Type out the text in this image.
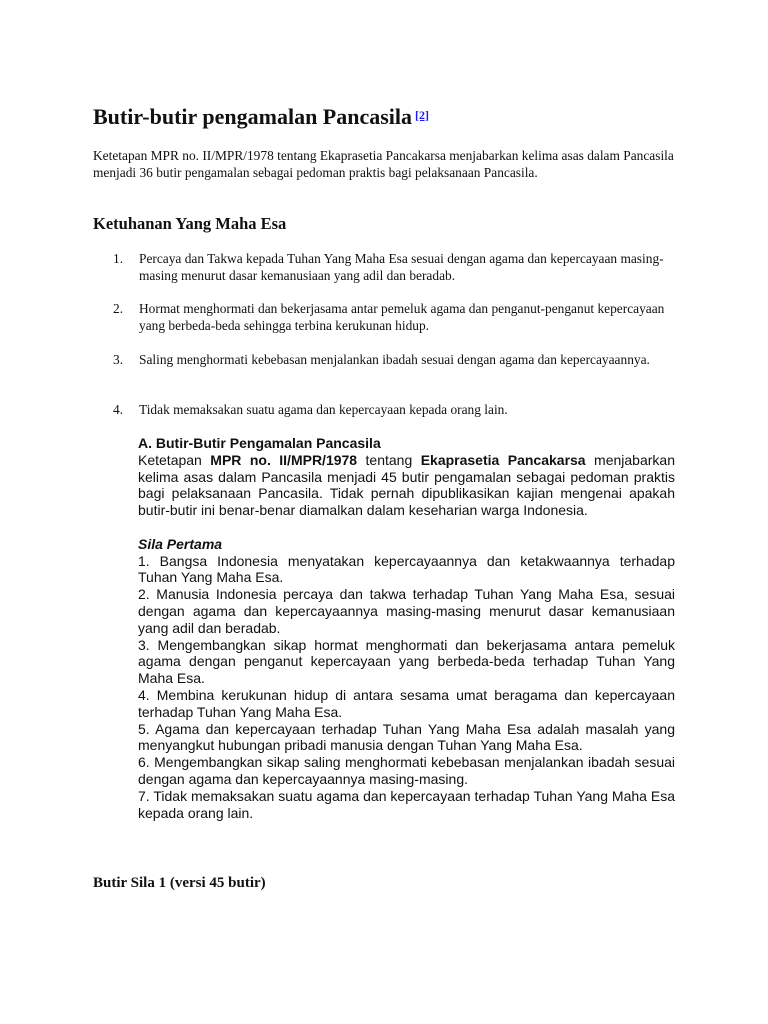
Butir-butir pengamalan Pancasila [2]

Ketetapan MPR no. II/MPR/1978 tentang Ekaprasetia Pancakarsa menjabarkan kelima asas dalam Pancasila menjadi 36 butir pengamalan sebagai pedoman praktis bagi pelaksanaan Pancasila.

Ketuhanan Yang Maha Esa
1.	Percaya dan Takwa kepada Tuhan Yang Maha Esa sesuai dengan agama dan kepercayaan masing-masing menurut dasar kemanusiaan yang adil dan beradab.
2.	Hormat menghormati dan bekerjasama antar pemeluk agama dan penganut-penganut kepercayaan yang berbeda-beda sehingga terbina kerukunan hidup.
3.	Saling menghormati kebebasan menjalankan ibadah sesuai dengan agama dan kepercayaannya.
4.	Tidak memaksakan suatu agama dan kepercayaan kepada orang lain.
A. Butir-Butir Pengamalan Pancasila
Ketetapan MPR no. II/MPR/1978 tentang Ekaprasetia Pancakarsa menjabarkan kelima asas dalam Pancasila menjadi 45 butir pengamalan sebagai pedoman praktis bagi pelaksanaan Pancasila. Tidak pernah dipublikasikan kajian mengenai apakah butir-butir ini benar-benar diamalkan dalam keseharian warga Indonesia.
Sila Pertama
1. Bangsa Indonesia menyatakan kepercayaannya dan ketakwaannya terhadap Tuhan Yang Maha Esa.
2. Manusia Indonesia percaya dan takwa terhadap Tuhan Yang Maha Esa, sesuai dengan agama dan kepercayaannya masing-masing menurut dasar kemanusiaan yang adil dan beradab.
3. Mengembangkan sikap hormat menghormati dan bekerjasama antara pemeluk agama dengan penganut kepercayaan yang berbeda-beda terhadap Tuhan Yang Maha Esa.
4. Membina kerukunan hidup di antara sesama umat beragama dan kepercayaan terhadap Tuhan Yang Maha Esa.
5. Agama dan kepercayaan terhadap Tuhan Yang Maha Esa adalah masalah yang menyangkut hubungan pribadi manusia dengan Tuhan Yang Maha Esa.
6. Mengembangkan sikap saling menghormati kebebasan menjalankan ibadah sesuai dengan agama dan kepercayaannya masing-masing.
7. Tidak memaksakan suatu agama dan kepercayaan terhadap Tuhan Yang Maha Esa kepada orang lain.
Butir Sila 1 (versi 45 butir)
